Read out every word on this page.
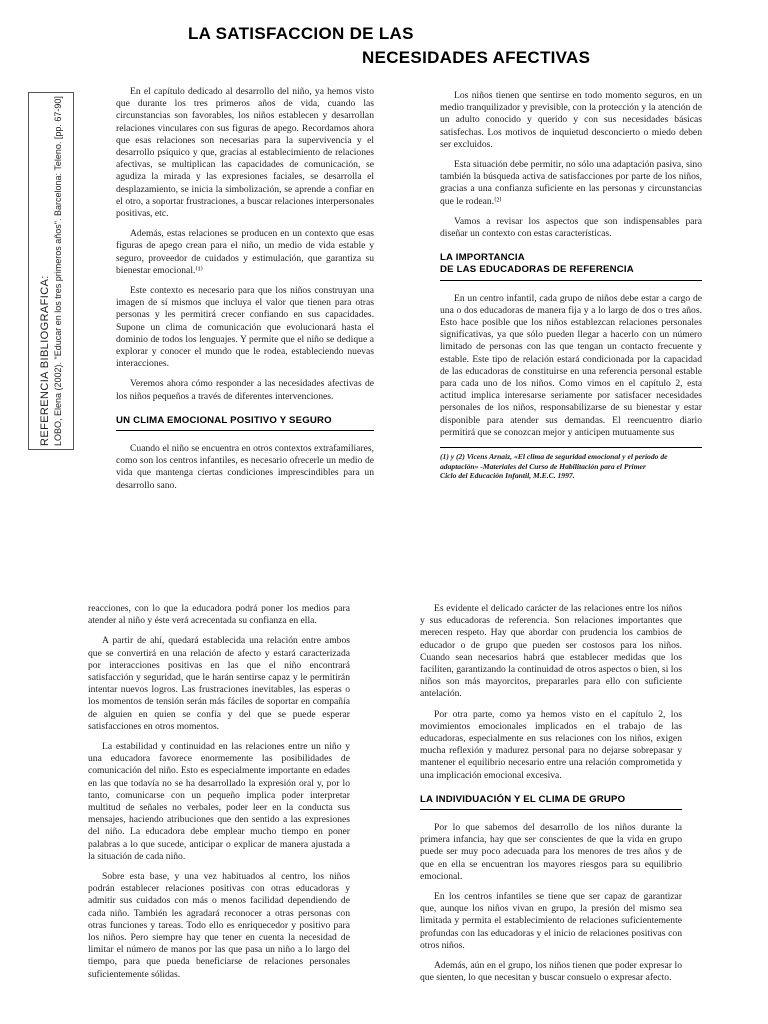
LA SATISFACCION DE LAS
NECESIDADES AFECTIVAS
REFERENCIA BIBLIOGRAFICA: LOBO, Elena (2002). "Educar en los tres primeros años". Barcelona: Teleno. [pp. 67-90]

En el capítulo dedicado al desarrollo del niño, ya hemos visto que durante los tres primeros años de vida, cuando las circunstancias son favorables, los niños establecen y desarrollan relaciones vinculares con sus figuras de apego. Recordamos ahora que esas relaciones son necesarias para la supervivencia y el desarrollo psíquico y que, gracias al establecimiento de relaciones afectivas, se multiplican las capacidades de comunicación, se agudiza la mirada y las expresiones faciales, se desarrolla el desplazamiento, se inicia la simbolización, se aprende a confiar en el otro, a soportar frustraciones, a buscar relaciones interpersonales positivas, etc.

Además, estas relaciones se producen en un contexto que esas figuras de apego crean para el niño, un medio de vida estable y seguro, proveedor de cuidados y estimulación, que garantiza su bienestar emocional.⁽¹⁾

Este contexto es necesario para que los niños construyan una imagen de sí mismos que incluya el valor que tienen para otras personas y les permitirá crecer confiando en sus capacidades. Supone un clima de comunicación que evolucionará hasta el dominio de todos los lenguajes. Y permite que el niño se dedique a explorar y conocer el mundo que le rodea, estableciendo nuevas interacciones.

Veremos ahora cómo responder a las necesidades afectivas de los niños pequeños a través de diferentes intervenciones.

UN CLIMA EMOCIONAL POSITIVO Y SEGURO

Cuando el niño se encuentra en otros contextos extrafamiliares, como son los centros infantiles, es necesario ofrecerle un medio de vida que mantenga ciertas condiciones imprescindibles para un desarrollo sano.

Los niños tienen que sentirse en todo momento seguros, en un medio tranquilizador y previsible, con la protección y la atención de un adulto conocido y querido y con sus necesidades básicas satisfechas. Los motivos de inquietud desconcierto o miedo deben ser excluidos.

Esta situación debe permitir, no sólo una adaptación pasiva, sino también la búsqueda activa de satisfacciones por parte de los niños, gracias a una confianza suficiente en las personas y circunstancias que le rodean.⁽²⁾

Vamos a revisar los aspectos que son indispensables para diseñar un contexto con estas características.

LA IMPORTANCIA
DE LAS EDUCADORAS DE REFERENCIA

En un centro infantil, cada grupo de niños debe estar a cargo de una o dos educadoras de manera fija y a lo largo de dos o tres años. Esto hace posible que los niños establezcan relaciones personales significativas, ya que sólo pueden llegar a hacerlo con un número limitado de personas con las que tengan un contacto frecuente y estable. Este tipo de relación estará condicionada por la capacidad de las educadoras de constituirse en una referencia personal estable para cada uno de los niños. Como vimos en el capítulo 2, esta actitud implica interesarse seriamente por satisfacer necesidades personales de los niños, responsabilizarse de su bienestar y estar disponible para atender sus demandas. El reencuentro diario permitirá que se conozcan mejor y anticipen mutuamente sus

(1) y (2) Vicens Arnaiz, «El clima de seguridad emocional y el período de
adaptación» -Materiales del Curso de Habilitación para el Primer
Ciclo del Educación Infantil, M.E.C. 1997.

reacciones, con lo que la educadora podrá poner los medios para atender al niño y éste verá acrecentada su confianza en ella.

A partir de ahí, quedará establecida una relación entre ambos que se convertirá en una relación de afecto y estará caracterizada por interacciones positivas en las que el niño encontrará satisfacción y seguridad, que le harán sentirse capaz y le permitirán intentar nuevos logros. Las frustraciones inevitables, las esperas o los momentos de tensión serán más fáciles de soportar en compañía de alguien en quien se confía y del que se puede esperar satisfacciones en otros momentos.

La estabilidad y continuidad en las relaciones entre un niño y una educadora favorece enormemente las posibilidades de comunicación del niño. Esto es especialmente importante en edades en las que todavía no se ha desarrollado la expresión oral y, por lo tanto, comunicarse con un pequeño implica poder interpretar multitud de señales no verbales, poder leer en la conducta sus mensajes, haciendo atribuciones que den sentido a las expresiones del niño. La educadora debe emplear mucho tiempo en poner palabras a lo que sucede, anticipar o explicar de manera ajustada a la situación de cada niño.

Sobre esta base, y una vez habituados al centro, los niños podrán establecer relaciones positivas con otras educadoras y admitir sus cuidados con más o menos facilidad dependiendo de cada niño. También les agradará reconocer a otras personas con otras funciones y tareas. Todo ello es enriquecedor y positivo para los niños. Pero siempre hay que tener en cuenta la necesidad de limitar el número de manos por las que pasa un niño a lo largo del tiempo, para que pueda beneficiarse de relaciones personales suficientemente sólidas.

Es evidente el delicado carácter de las relaciones entre los niños y sus educadoras de referencia. Son relaciones importantes que merecen respeto. Hay que abordar con prudencia los cambios de educador o de grupo que pueden ser costosos para los niños. Cuando sean necesarios habrá que establecer medidas que los faciliten, garantizando la continuidad de otros aspectos o bien, si los niños son más mayorcitos, prepararles para ello con suficiente antelación.

Por otra parte, como ya hemos visto en el capítulo 2, los movimientos emocionales implicados en el trabajo de las educadoras, especialmente en sus relaciones con los niños, exigen mucha reflexión y madurez personal para no dejarse sobrepasar y mantener el equilibrio necesario entre una relación comprometida y una implicación emocional excesiva.

LA INDIVIDUACIÓN Y EL CLIMA DE GRUPO

Por lo que sabemos del desarrollo de los niños durante la primera infancia, hay que ser conscientes de que la vida en grupo puede ser muy poco adecuada para los menores de tres años y de que en ella se encuentran los mayores riesgos para su equilibrio emocional.

En los centros infantiles se tiene que ser capaz de garantizar que, aunque los niños vivan en grupo, la presión del mismo sea limitada y permita el establecimiento de relaciones suficientemente profundas con las educadoras y el inicio de relaciones positivas con otros niños.

Además, aún en el grupo, los niños tienen que poder expresar lo que sienten, lo que necesitan y buscar consuelo o expresar afecto.
